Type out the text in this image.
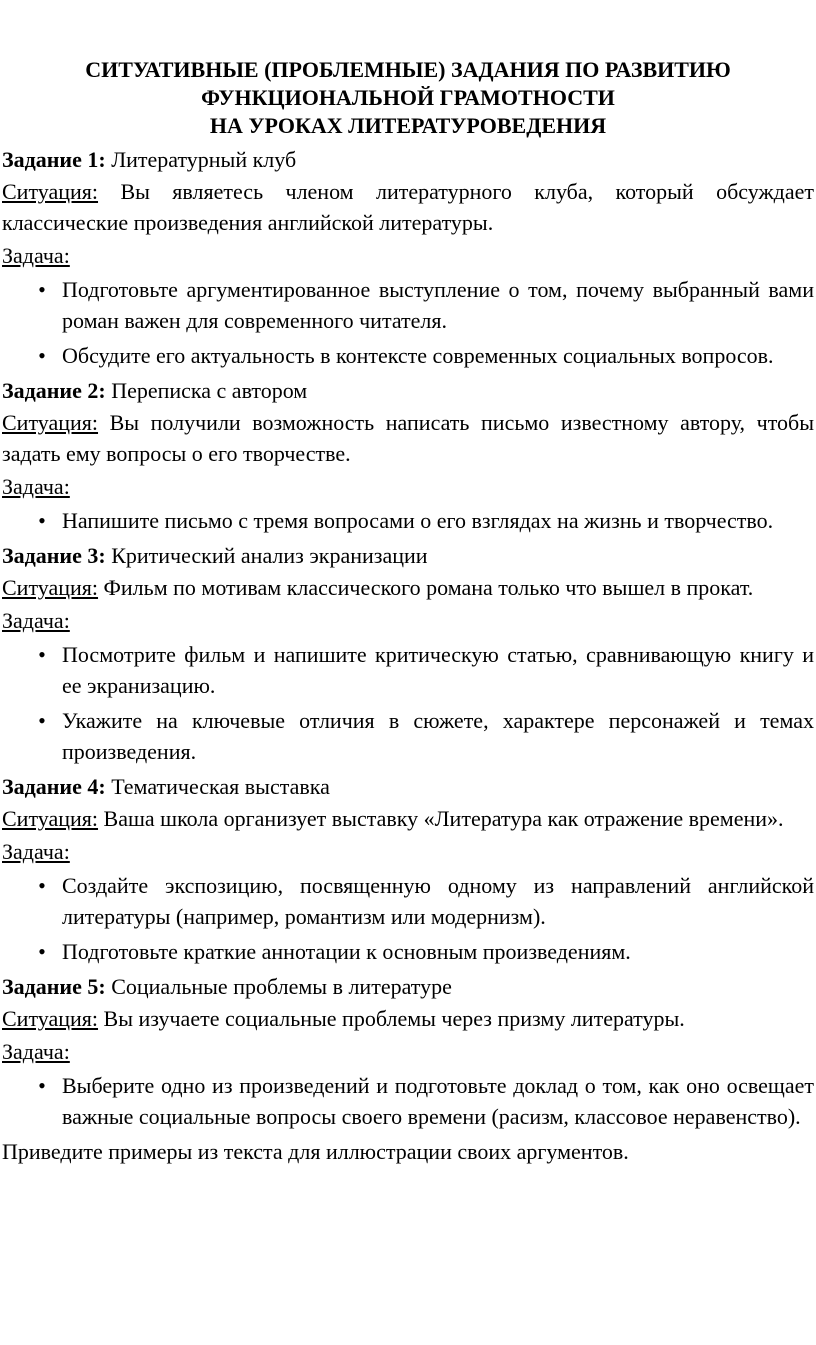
СИТУАТИВНЫЕ (ПРОБЛЕМНЫЕ) ЗАДАНИЯ ПО РАЗВИТИЮ
ФУНКЦИОНАЛЬНОЙ ГРАМОТНОСТИ
НА УРОКАХ ЛИТЕРАТУРОВЕДЕНИЯ

Задание 1: Литературный клуб

Ситуация: Вы являетесь членом литературного клуба, который обсуждает классические произведения английской литературы.

Задача:

• Подготовьте аргументированное выступление о том, почему выбранный вами роман важен для современного читателя.
• Обсудите его актуальность в контексте современных социальных вопросов.

Задание 2: Переписка с автором

Ситуация: Вы получили возможность написать письмо известному автору, чтобы задать ему вопросы о его творчестве.

Задача:

• Напишите письмо с тремя вопросами о его взглядах на жизнь и творчество.

Задание 3: Критический анализ экранизации

Ситуация: Фильм по мотивам классического романа только что вышел в прокат.

Задача:

• Посмотрите фильм и напишите критическую статью, сравнивающую книгу и ее экранизацию.
• Укажите на ключевые отличия в сюжете, характере персонажей и темах произведения.

Задание 4: Тематическая выставка

Ситуация: Ваша школа организует выставку «Литература как отражение времени».

Задача:

• Создайте экспозицию, посвященную одному из направлений английской литературы (например, романтизм или модернизм).
• Подготовьте краткие аннотации к основным произведениям.

Задание 5: Социальные проблемы в литературе

Ситуация: Вы изучаете социальные проблемы через призму литературы.

Задача:

• Выберите одно из произведений и подготовьте доклад о том, как оно освещает важные социальные вопросы своего времени (расизм, классовое неравенство).

Приведите примеры из текста для иллюстрации своих аргументов.
